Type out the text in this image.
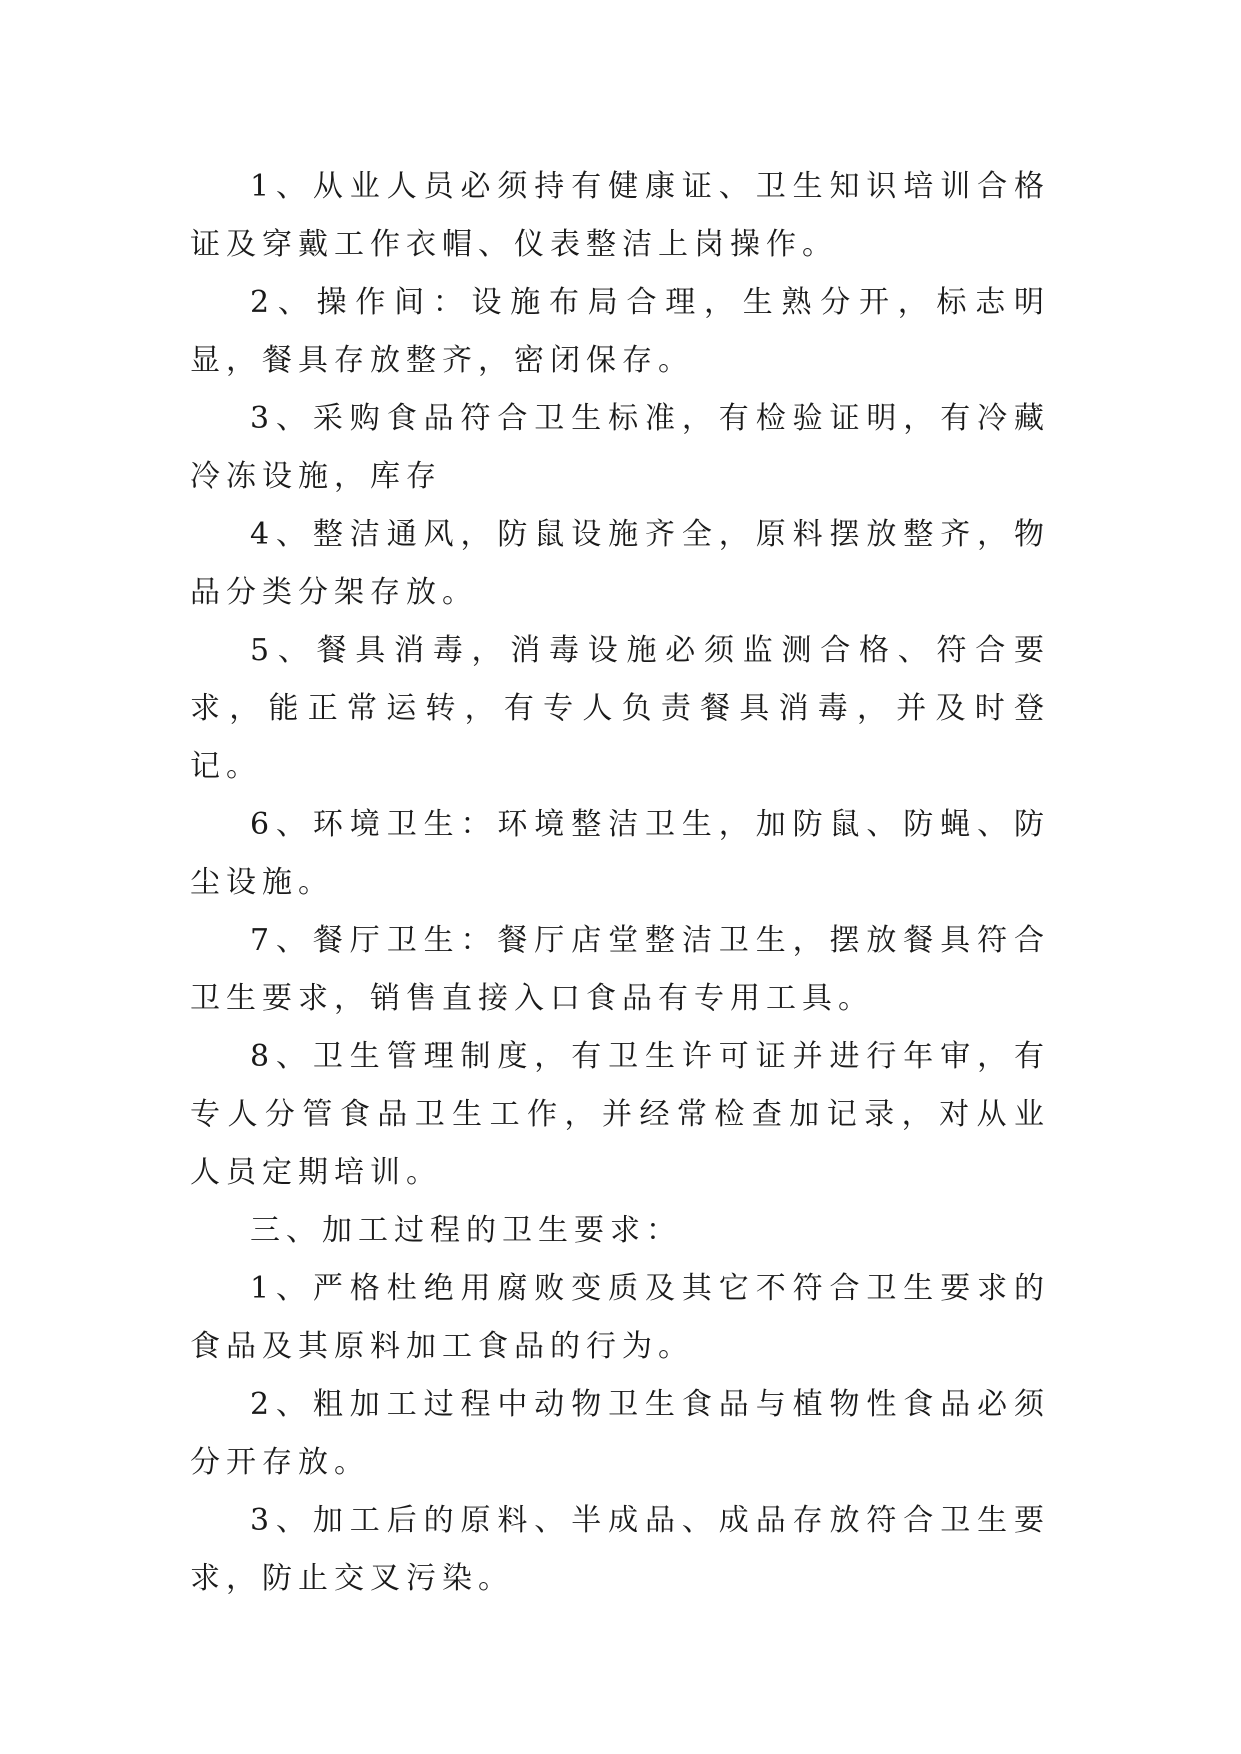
1、从业人员必须持有健康证、卫生知识培训合格证及穿戴工作衣帽、仪表整洁上岗操作。

2、操作间：设施布局合理，生熟分开，标志明显，餐具存放整齐，密闭保存。

3、采购食品符合卫生标准，有检验证明，有冷藏冷冻设施，库存

4、整洁通风，防鼠设施齐全，原料摆放整齐，物品分类分架存放。

5、餐具消毒，消毒设施必须监测合格、符合要求，能正常运转，有专人负责餐具消毒，并及时登记。

6、环境卫生：环境整洁卫生，加防鼠、防蝇、防尘设施。

7、餐厅卫生：餐厅店堂整洁卫生，摆放餐具符合卫生要求，销售直接入口食品有专用工具。

8、卫生管理制度，有卫生许可证并进行年审，有专人分管食品卫生工作，并经常检查加记录，对从业人员定期培训。

三、加工过程的卫生要求：

1、严格杜绝用腐败变质及其它不符合卫生要求的食品及其原料加工食品的行为。

2、粗加工过程中动物卫生食品与植物性食品必须分开存放。

3、加工后的原料、半成品、成品存放符合卫生要求，防止交叉污染。
